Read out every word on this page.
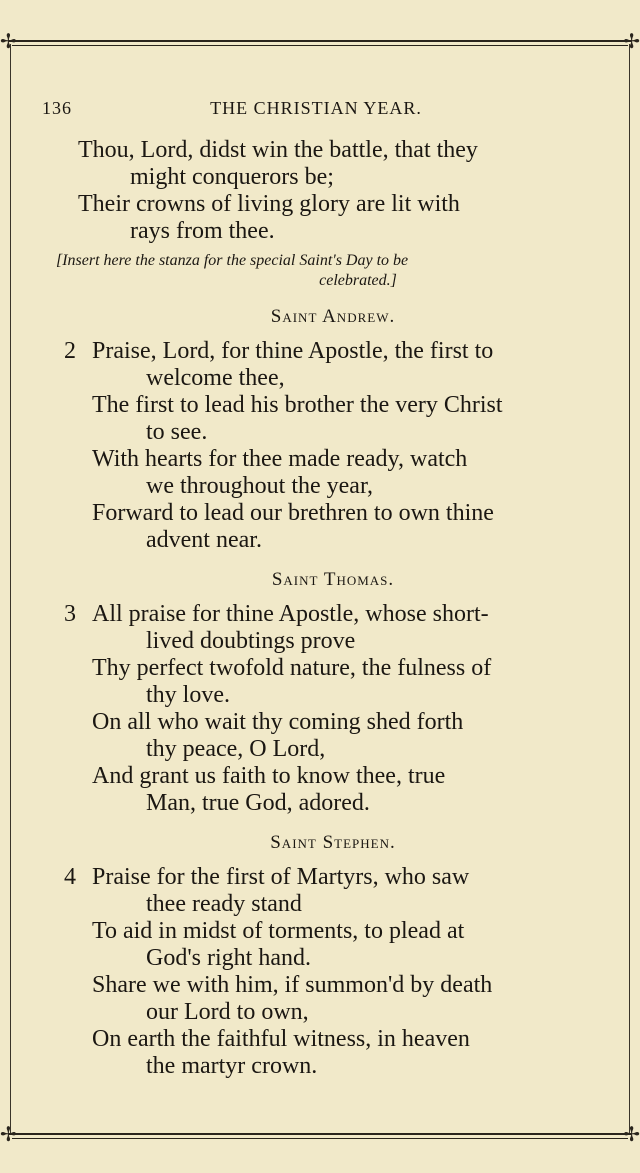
✢	✢
✢	✢
136	THE CHRISTIAN YEAR.
Thou, Lord, didst win the battle, that they
might conquerors be;
Their crowns of living glory are lit with
rays from thee.
[Insert here the stanza for the special Saint's Day to be
celebrated.]
Saint Andrew.
2 Praise, Lord, for thine Apostle, the first to
welcome thee,
The first to lead his brother the very Christ
to see.
With hearts for thee made ready, watch
we throughout the year,
Forward to lead our brethren to own thine
advent near.
Saint Thomas.
3 All praise for thine Apostle, whose short-
lived doubtings prove
Thy perfect twofold nature, the fulness of
thy love.
On all who wait thy coming shed forth
thy peace, O Lord,
And grant us faith to know thee, true
Man, true God, adored.
Saint Stephen.
4 Praise for the first of Martyrs, who saw
thee ready stand
To aid in midst of torments, to plead at
God's right hand.
Share we with him, if summon'd by death
our Lord to own,
On earth the faithful witness, in heaven
the martyr crown.
